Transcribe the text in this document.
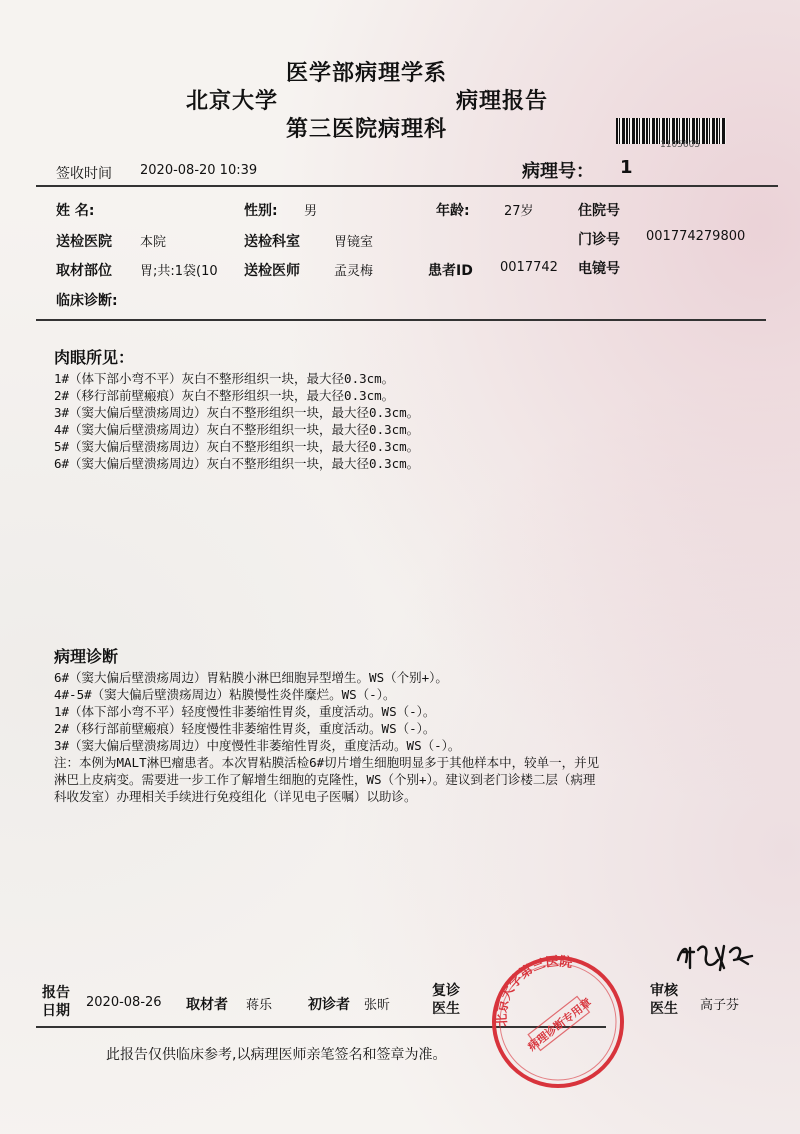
医学部病理学系
北京大学	病理报告
第三医院病理科
1105605
签收时间 2020-08-20 10:39	病理号： 1
姓 名:	性别: 男	年龄:	27岁	住院号
送检医院 本院	送检科室	胃镜室	门诊号 001774279800
取材部位 胃;共:1袋(10 送检医师	孟灵梅	患者ID 0017742 电镜号
临床诊断:
肉眼所见：
1#（体下部小弯不平）灰白不整形组织一块，最大径0.3cm。
2#（移行部前壁瘢痕）灰白不整形组织一块，最大径0.3cm。
3#（窦大偏后壁溃疡周边）灰白不整形组织一块，最大径0.3cm。
4#（窦大偏后壁溃疡周边）灰白不整形组织一块，最大径0.3cm。
5#（窦大偏后壁溃疡周边）灰白不整形组织一块，最大径0.3cm。
6#（窦大偏后壁溃疡周边）灰白不整形组织一块，最大径0.3cm。
病理诊断
6#（窦大偏后壁溃疡周边）胃粘膜小淋巴细胞异型增生。WS（个别+）。
4#-5#（窦大偏后壁溃疡周边）粘膜慢性炎伴糜烂。WS（-）。
1#（体下部小弯不平）轻度慢性非萎缩性胃炎，重度活动。WS（-）。
2#（移行部前壁瘢痕）轻度慢性非萎缩性胃炎，重度活动。WS（-）。
3#（窦大偏后壁溃疡周边）中度慢性非萎缩性胃炎，重度活动。WS（-）。
注：本例为MALT淋巴瘤患者。本次胃粘膜活检6#切片增生细胞明显多于其他样本中，较单一，并见
淋巴上皮病变。需要进一步工作了解增生细胞的克隆性，WS（个别+）。建议到老门诊楼二层（病理
科收发室）办理相关手续进行免疫组化（详见电子医嘱）以助诊。
报告
日期
2020-08-26 取材者 蒋乐	初诊者 张昕
复诊
医生
审核
医生 高子芬
此报告仅供临床参考,以病理医师亲笔签名和签章为准。
北京大学第三医院
病理诊断专用章
